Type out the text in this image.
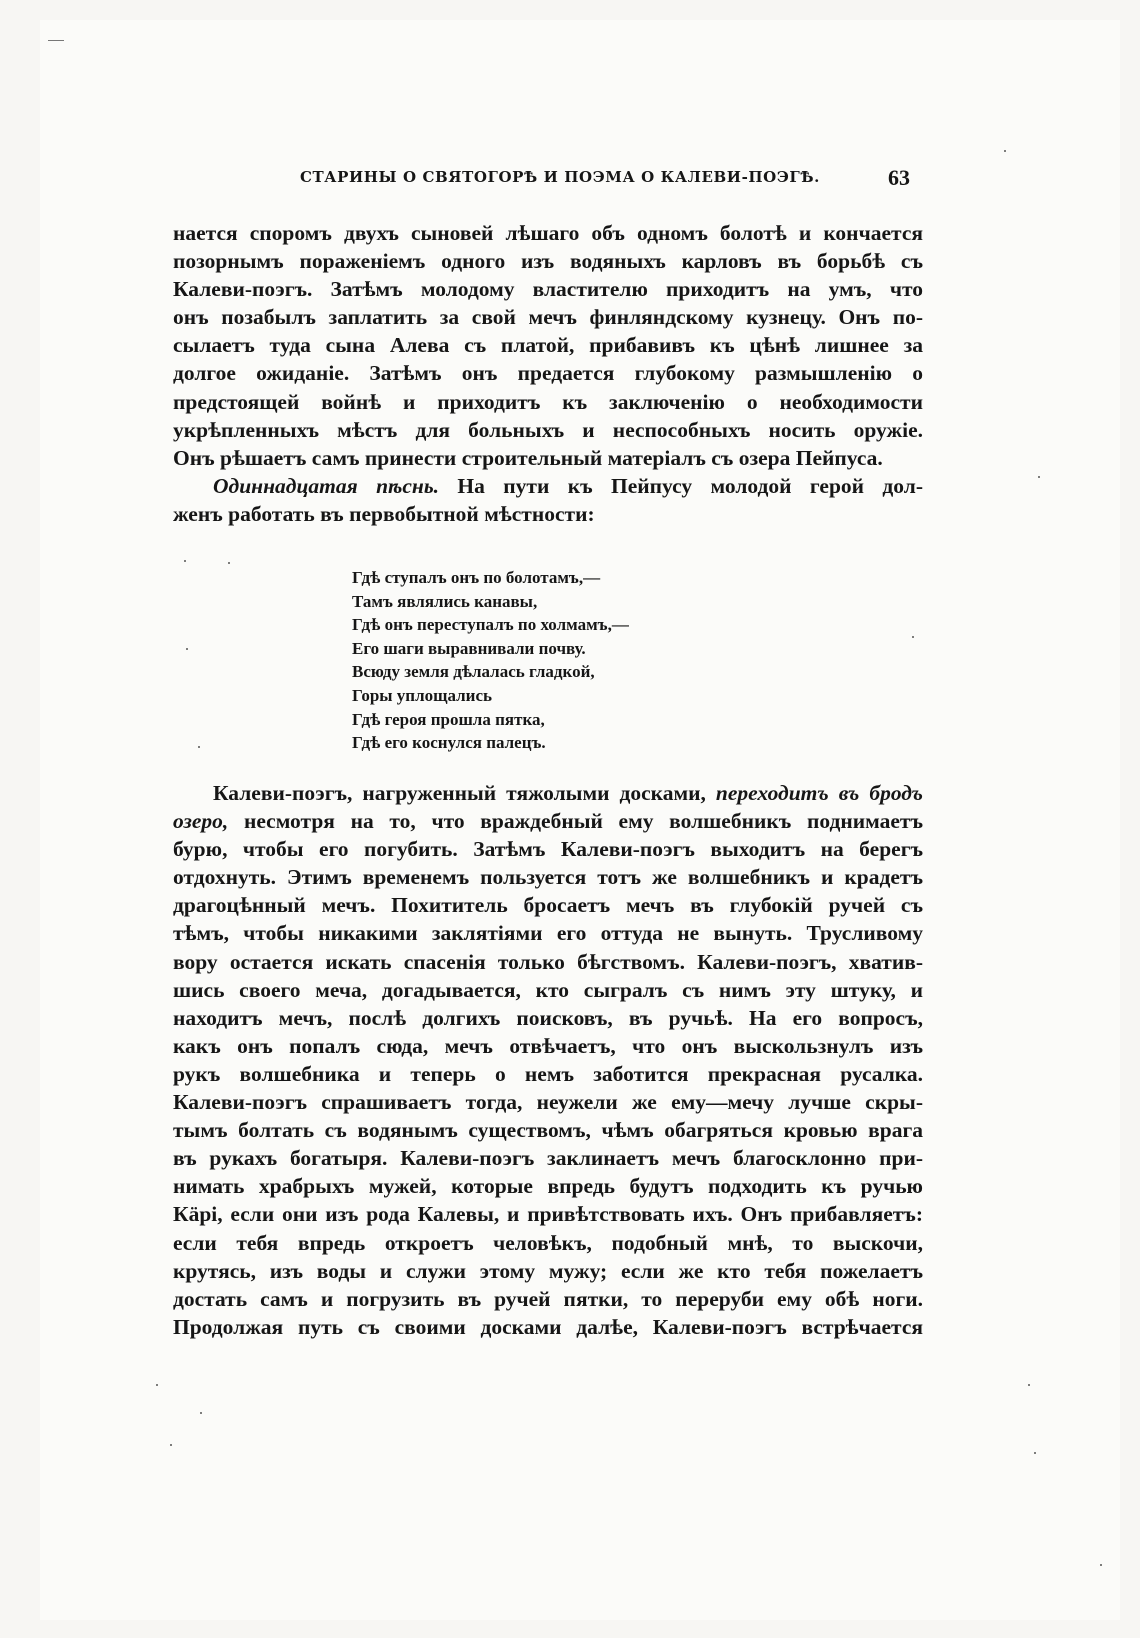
СТАРИНЫ О СВЯТОГОРѢ И ПОЭМА О КАЛЕВИ-ПОЭГѢ.	63
нается споромъ двухъ сыновей лѣшаго объ одномъ болотѣ и кончается
позорнымъ пораженiемъ одного изъ водяныхъ карловъ въ борьбѣ съ
Калеви-поэгъ. Затѣмъ молодому властителю приходитъ на умъ, что
онъ позабылъ заплатить за свой мечъ финляндскому кузнецу. Онъ по-
сылаетъ туда сына Алева съ платой, прибавивъ къ цѣнѣ лишнее за
долгое ожиданiе. Затѣмъ онъ предается глубокому размышленiю о
предстоящей войнѣ и приходитъ къ заключенiю о необходимости
укрѣпленныхъ мѣстъ для больныхъ и неспособныхъ носить оружiе.
Онъ рѣшаетъ самъ принести строительный матерiалъ съ озера Пейпуса.
Одиннадцатая пѣснь. На пути къ Пейпусу молодой герой дол-
женъ работать въ первобытной мѣстности:
Гдѣ ступалъ онъ по болотамъ,—
Тамъ являлись канавы,
Гдѣ онъ переступалъ по холмамъ,—
Его шаги выравнивали почву.
Всюду земля дѣлалась гладкой,
Горы уплощались
Гдѣ героя прошла пятка,
Гдѣ его коснулся палецъ.
Калеви-поэгъ, нагруженный тяжолыми досками, переходитъ въ бродъ
озеро, несмотря на то, что враждебный ему волшебникъ поднимаетъ
бурю, чтобы его погубить. Затѣмъ Калеви-поэгъ выходитъ на берегъ
отдохнуть. Этимъ временемъ пользуется тотъ же волшебникъ и крадетъ
драгоцѣнный мечъ. Похититель бросаетъ мечъ въ глубокiй ручей съ
тѣмъ, чтобы никакими заклятiями его оттуда не вынуть. Трусливому
вору остается искать спасенiя только бѣгствомъ. Калеви-поэгъ, хватив-
шись своего меча, догадывается, кто сыгралъ съ нимъ эту штуку, и
находитъ мечъ, послѣ долгихъ поисковъ, въ ручьѣ. На его вопросъ,
какъ онъ попалъ сюда, мечъ отвѣчаетъ, что онъ выскользнулъ изъ
рукъ волшебника и теперь о немъ заботится прекрасная русалка.
Калеви-поэгъ спрашиваетъ тогда, неужели же ему—мечу лучше скры-
тымъ болтать съ водянымъ существомъ, чѣмъ обагряться кровью врага
въ рукахъ богатыря. Калеви-поэгъ заклинаетъ мечъ благосклонно при-
нимать храбрыхъ мужей, которые впредь будутъ подходить къ ручью
Кäрi, если они изъ рода Калевы, и привѣтствовать ихъ. Онъ прибавляетъ:
если тебя впредь откроетъ человѣкъ, подобный мнѣ, то выскочи,
крутясь, изъ воды и служи этому мужу; если же кто тебя пожелаетъ
достать самъ и погрузить въ ручей пятки, то переруби ему обѣ ноги.
Продолжая путь съ своими досками далѣе, Калеви-поэгъ встрѣчается
